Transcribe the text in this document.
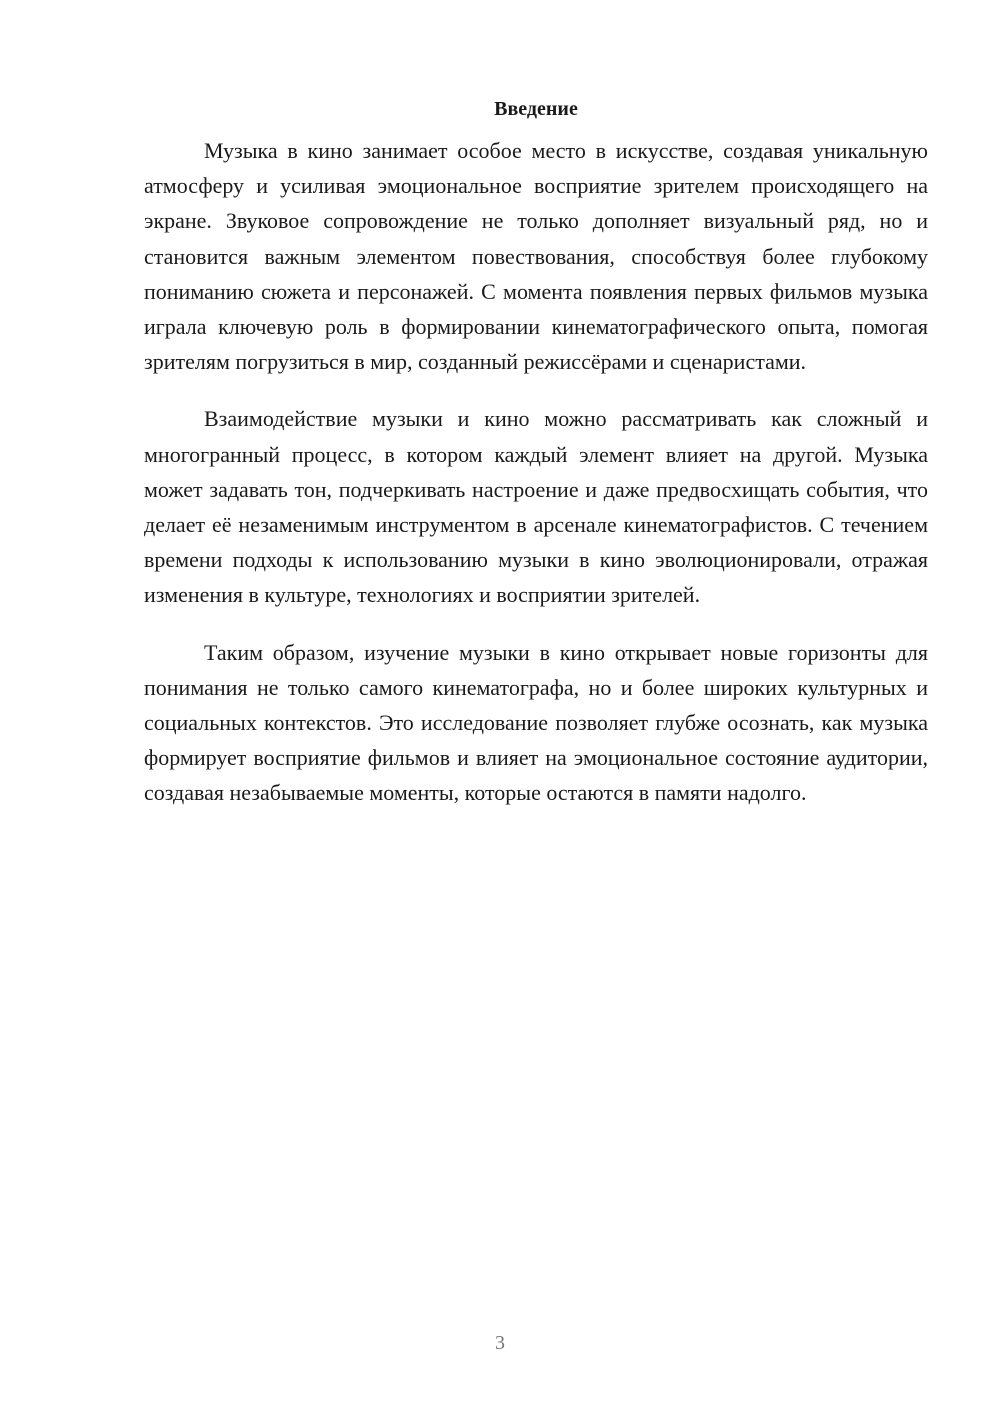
Введение

Музыка в кино занимает особое место в искусстве, создавая уникальную атмосферу и усиливая эмоциональное восприятие зрителем происходящего на экране. Звуковое сопровождение не только дополняет визуальный ряд, но и становится важным элементом повествования, способствуя более глубокому пониманию сюжета и персонажей. С момента появления первых фильмов музыка играла ключевую роль в формировании кинематографического опыта, помогая зрителям погрузиться в мир, созданный режиссёрами и сценаристами.

Взаимодействие музыки и кино можно рассматривать как сложный и многогранный процесс, в котором каждый элемент влияет на другой. Музыка может задавать тон, подчеркивать настроение и даже предвосхищать события, что делает её незаменимым инструментом в арсенале кинематографистов. С течением времени подходы к использованию музыки в кино эволюционировали, отражая изменения в культуре, технологиях и восприятии зрителей.

Таким образом, изучение музыки в кино открывает новые горизонты для понимания не только самого кинематографа, но и более широких культурных и социальных контекстов. Это исследование позволяет глубже осознать, как музыка формирует восприятие фильмов и влияет на эмоциональное состояние аудитории, создавая незабываемые моменты, которые остаются в памяти надолго.

3
